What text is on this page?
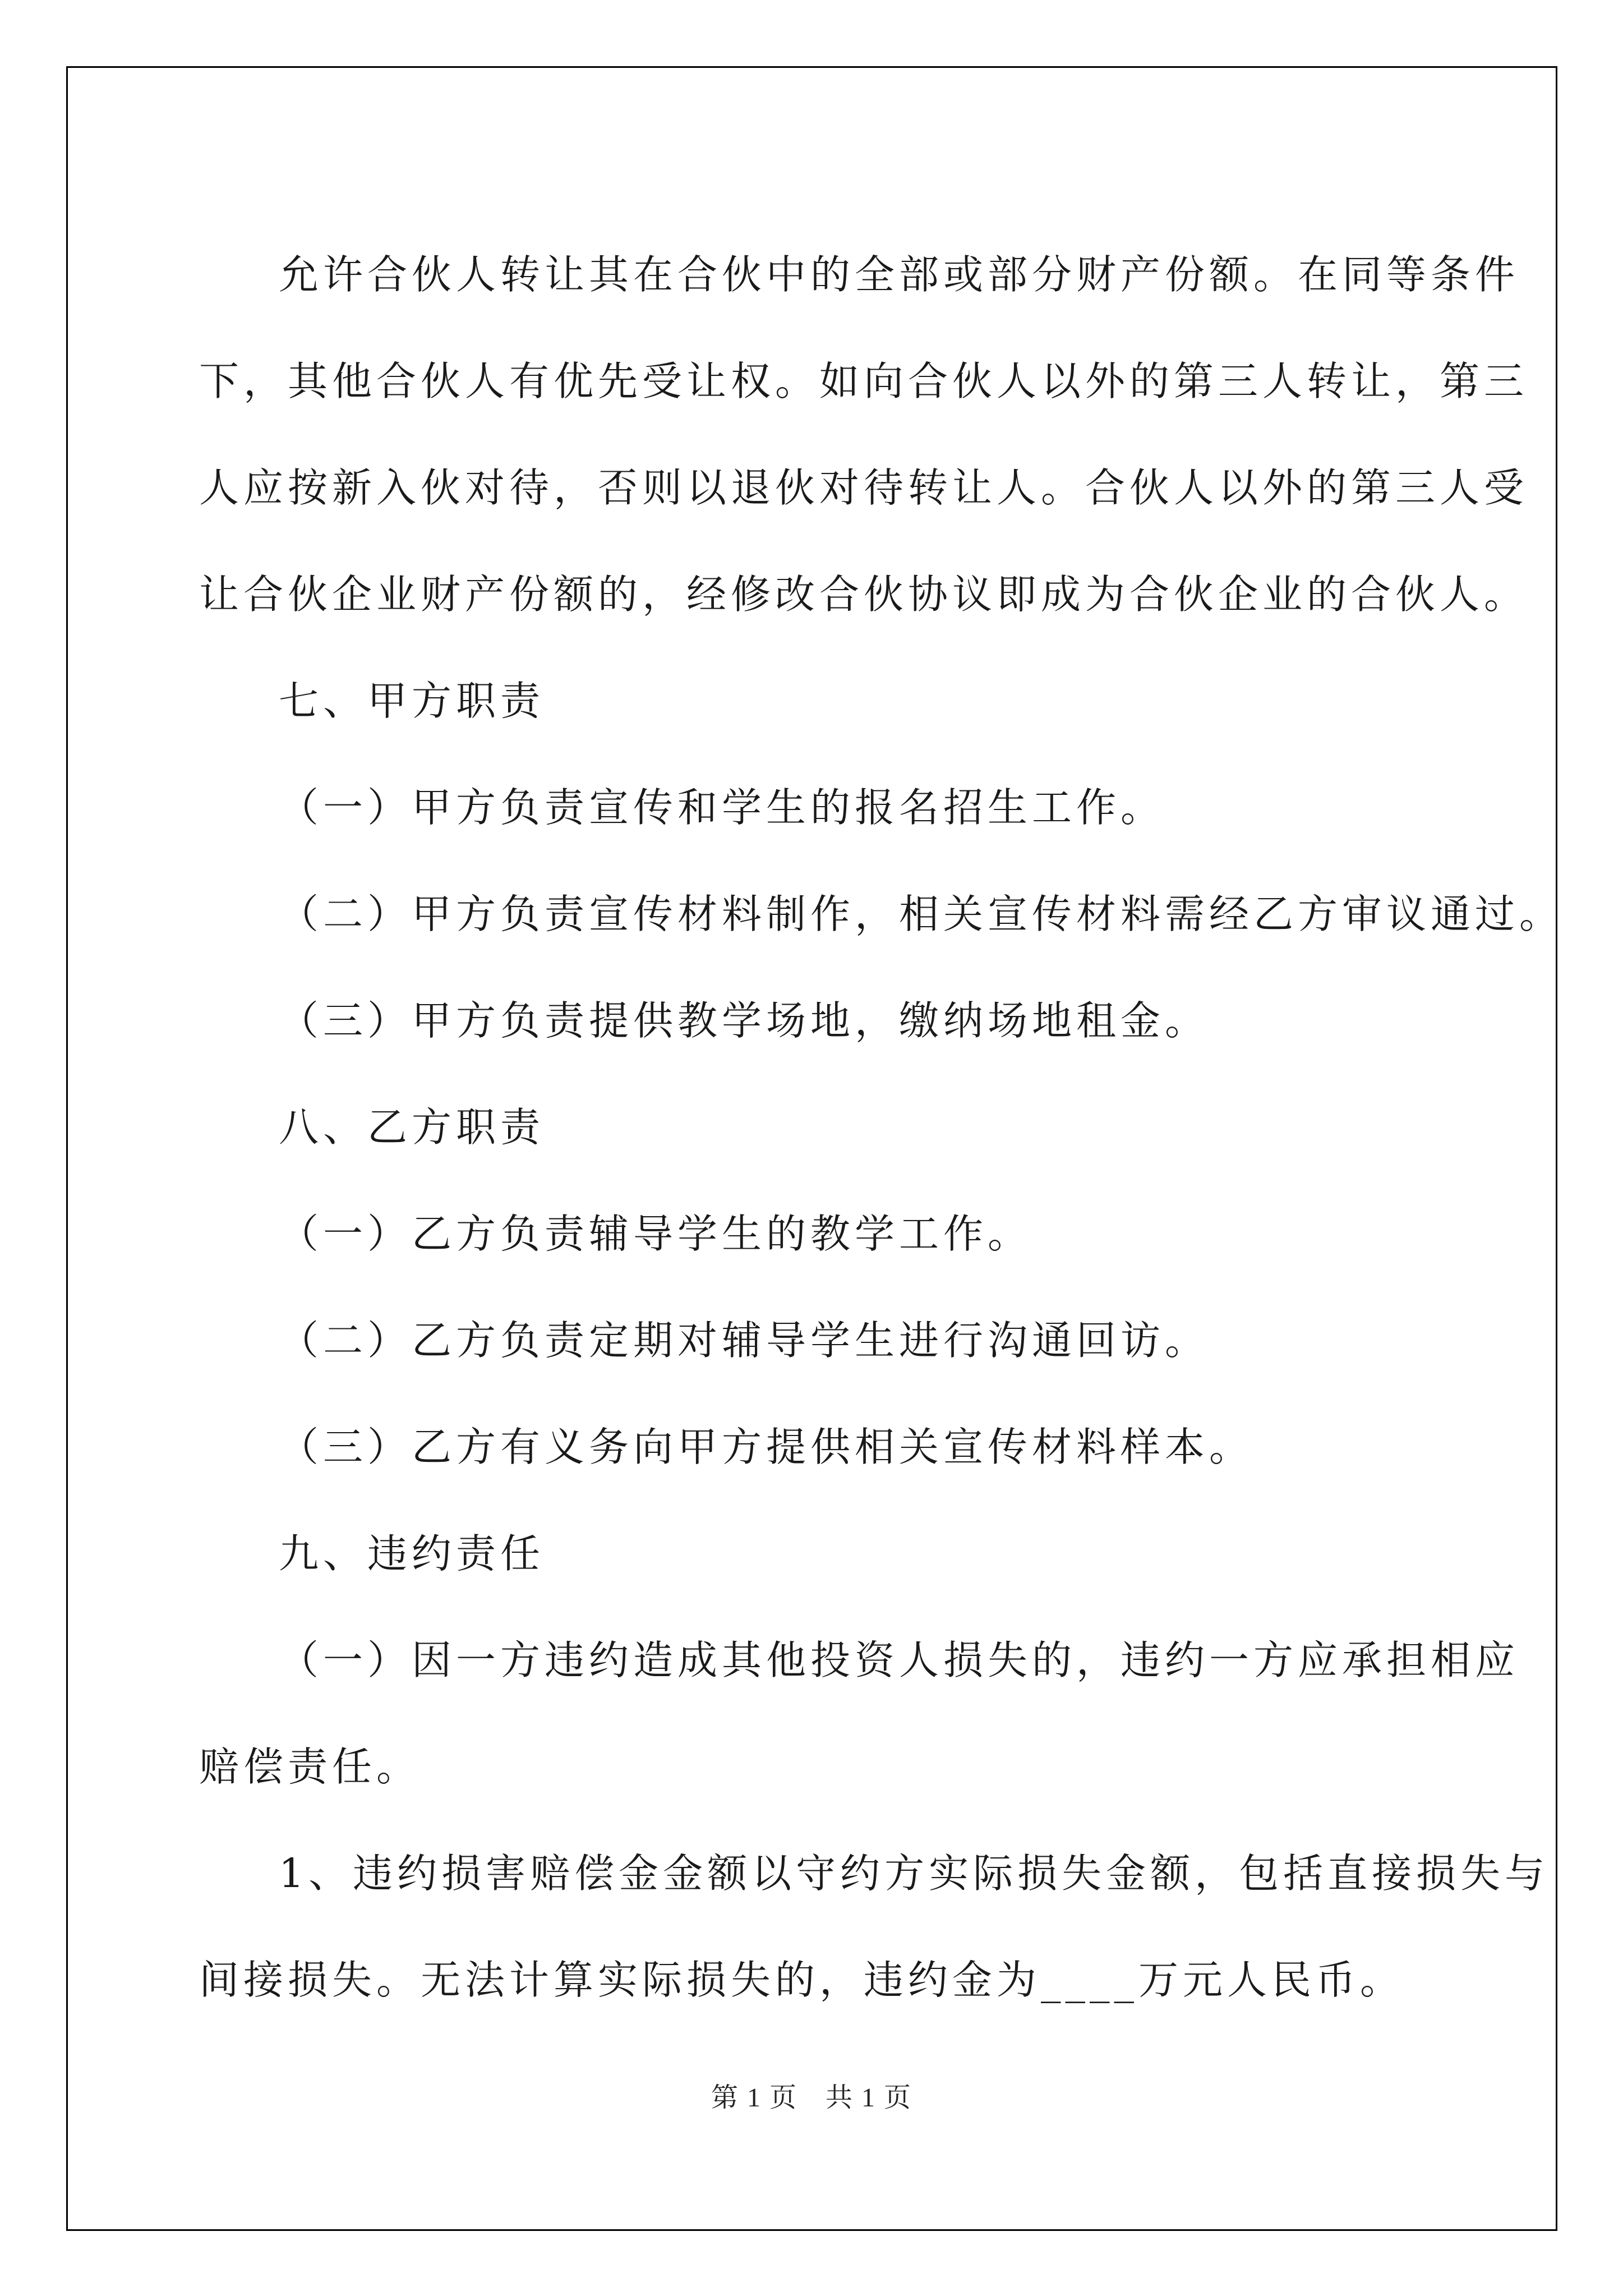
允许合伙人转让其在合伙中的全部或部分财产份额。在同等条件
下，其他合伙人有优先受让权。如向合伙人以外的第三人转让，第三
人应按新入伙对待，否则以退伙对待转让人。合伙人以外的第三人受
让合伙企业财产份额的，经修改合伙协议即成为合伙企业的合伙人。
七、甲方职责
（一）甲方负责宣传和学生的报名招生工作。
（二）甲方负责宣传材料制作，相关宣传材料需经乙方审议通过。
（三）甲方负责提供教学场地，缴纳场地租金。
八、乙方职责
（一）乙方负责辅导学生的教学工作。
（二）乙方负责定期对辅导学生进行沟通回访。
（三）乙方有义务向甲方提供相关宣传材料样本。
九、违约责任
（一）因一方违约造成其他投资人损失的，违约一方应承担相应
赔偿责任。
1、违约损害赔偿金金额以守约方实际损失金额，包括直接损失与
间接损失。无法计算实际损失的，违约金为____万元人民币。
第 1 页　共 1 页
